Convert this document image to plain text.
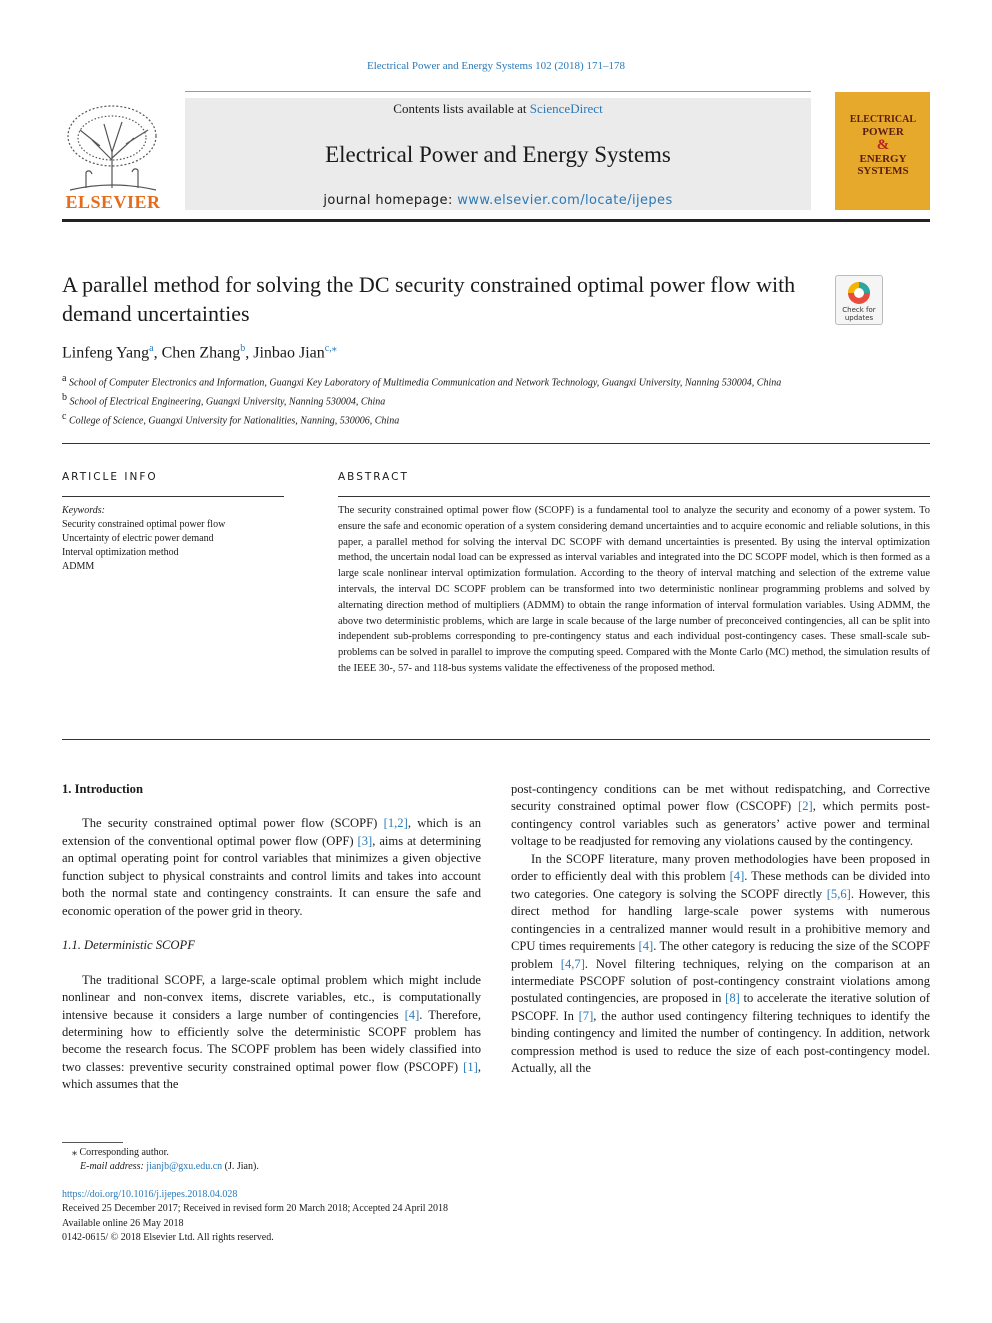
Electrical Power and Energy Systems 102 (2018) 171–178
ELSEVIER
Contents lists available at ScienceDirect
Electrical Power and Energy Systems
journal homepage: www.elsevier.com/locate/ijepes
ELECTRICAL
POWER
&
ENERGY
SYSTEMS
A parallel method for solving the DC security constrained optimal power flow with demand uncertainties	Check for
updates
Linfeng Yang$^a$, Chen Zhang$^b$, Jinbao Jian$^{c,⁎}$

$^a$ School of Computer Electronics and Information, Guangxi Key Laboratory of Multimedia Communication and Network Technology, Guangxi University, Nanning 530004, China

$^b$ School of Electrical Engineering, Guangxi University, Nanning 530004, China

$^c$ College of Science, Guangxi University for Nationalities, Nanning, 530006, China

ARTICLE INFO
Keywords:
Security constrained optimal power flow
Uncertainty of electric power demand
Interval optimization method
ADMM
ABSTRACT
The security constrained optimal power flow (SCOPF) is a fundamental tool to analyze the security and economy of a power system. To ensure the safe and economic operation of a system considering demand uncertainties and to acquire economic and reliable solutions, in this paper, a parallel method for solving the interval DC SCOPF with demand uncertainties is presented. By using the interval optimization method, the uncertain nodal load can be expressed as interval variables and integrated into the DC SCOPF model, which is then formed as a large scale nonlinear interval optimization formulation. According to the theory of interval matching and selection of the extreme value intervals, the interval DC SCOPF problem can be transformed into two deterministic nonlinear programming problems and solved by alternating direction method of multipliers (ADMM) to obtain the range information of interval formulation variables. Using ADMM, the above two deterministic problems, which are large in scale because of the large number of preconceived contingencies, all can be split into independent sub-problems corresponding to pre-contingency status and each individual post-contingency cases. These small-scale sub-problems can be solved in parallel to improve the computing speed. Compared with the Monte Carlo (MC) method, the simulation results of the IEEE 30-, 57- and 118-bus systems validate the effectiveness of the proposed method.

1. Introduction

The security constrained optimal power flow (SCOPF) [1,2], which is an extension of the conventional optimal power flow (OPF) [3], aims at determining an optimal operating point for control variables that minimizes a given objective function subject to physical constraints and control limits and takes into account both the normal state and contingency constraints. It can ensure the safe and economic operation of the power grid in theory.

1.1. Deterministic SCOPF

The traditional SCOPF, a large-scale optimal problem which might include nonlinear and non-convex items, discrete variables, etc., is computationally intensive because it considers a large number of contingencies [4]. Therefore, determining how to efficiently solve the deterministic SCOPF problem has become the research focus. The SCOPF problem has been widely classified into two classes: preventive security constrained optimal power flow (PSCOPF) [1], which assumes that the

post-contingency conditions can be met without redispatching, and Corrective security constrained optimal power flow (CSCOPF) [2], which permits post-contingency control variables such as generators’ active power and terminal voltage to be readjusted for removing any violations caused by the contingency.

In the SCOPF literature, many proven methodologies have been proposed in order to efficiently deal with this problem [4]. These methods can be divided into two categories. One category is solving the SCOPF directly [5,6]. However, this direct method for handling large-scale power systems with numerous contingencies in a centralized manner would result in a prohibitive memory and CPU times requirements [4]. The other category is reducing the size of the SCOPF problem [4,7]. Novel filtering techniques, relying on the comparison at an intermediate PSCOPF solution of post-contingency constraint violations among postulated contingencies, are proposed in [8] to accelerate the iterative solution of PSCOPF. In [7], the author used contingency filtering techniques to identify the binding contingency and limited the number of contingency. In addition, network compression method is used to reduce the size of each post-contingency model. Actually, all the

⁎ Corresponding author.
E-mail address: jianjb@gxu.edu.cn (J. Jian).
https://doi.org/10.1016/j.ijepes.2018.04.028
Received 25 December 2017; Received in revised form 20 March 2018; Accepted 24 April 2018
Available online 26 May 2018
0142-0615/ © 2018 Elsevier Ltd. All rights reserved.
